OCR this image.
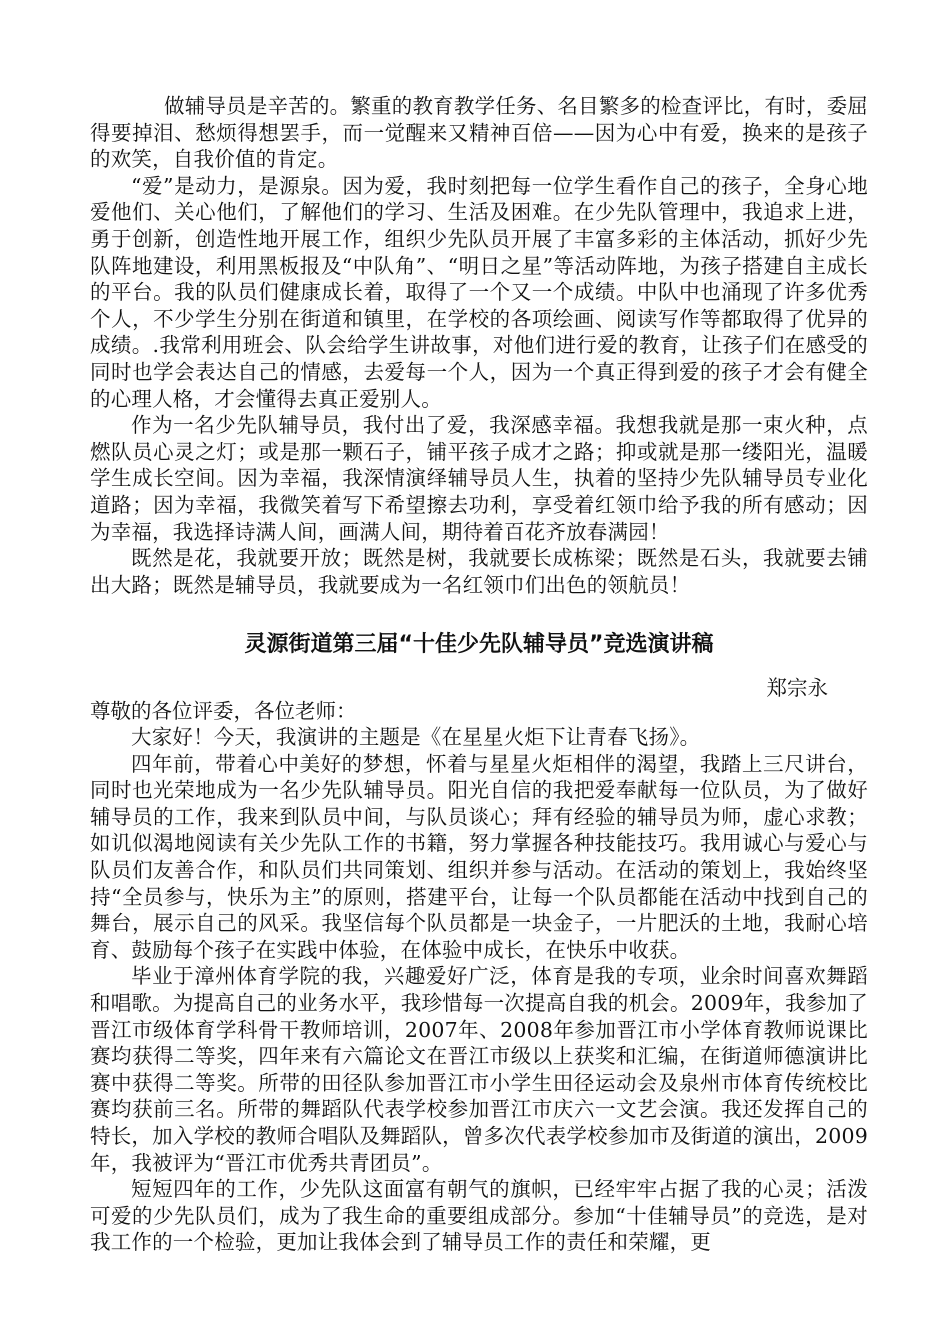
做辅导员是辛苦的。繁重的教育教学任务、名目繁多的检查评比，有时，委屈得要掉泪、愁烦得想罢手，而一觉醒来又精神百倍——因为心中有爱，换来的是孩子的欢笑，自我价值的肯定。

“爱”是动力，是源泉。因为爱，我时刻把每一位学生看作自己的孩子，全身心地爱他们、关心他们，了解他们的学习、生活及困难。在少先队管理中，我追求上进，勇于创新，创造性地开展工作，组织少先队员开展了丰富多彩的主体活动，抓好少先队阵地建设，利用黑板报及“中队角”、“明日之星”等活动阵地，为孩子搭建自主成长的平台。我的队员们健康成长着，取得了一个又一个成绩。中队中也涌现了许多优秀个人，不少学生分别在街道和镇里，在学校的各项绘画、阅读写作等都取得了优异的成绩。.我常利用班会、队会给学生讲故事，对他们进行爱的教育，让孩子们在感受的同时也学会表达自己的情感，去爱每一个人，因为一个真正得到爱的孩子才会有健全的心理人格，才会懂得去真正爱别人。

作为一名少先队辅导员，我付出了爱，我深感幸福。我想我就是那一束火种，点燃队员心灵之灯；或是那一颗石子，铺平孩子成才之路；抑或就是那一缕阳光，温暖学生成长空间。因为幸福，我深情演绎辅导员人生，执着的坚持少先队辅导员专业化道路；因为幸福，我微笑着写下希望擦去功利，享受着红领巾给予我的所有感动；因为幸福，我选择诗满人间，画满人间，期待着百花齐放春满园！

既然是花，我就要开放；既然是树，我就要长成栋梁；既然是石头，我就要去铺出大路；既然是辅导员，我就要成为一名红领巾们出色的领航员！

灵源街道第三届“十佳少先队辅导员”竞选演讲稿

郑宗永

尊敬的各位评委，各位老师：

大家好！今天，我演讲的主题是《在星星火炬下让青春飞扬》。

四年前，带着心中美好的梦想，怀着与星星火炬相伴的渴望，我踏上三尺讲台，同时也光荣地成为一名少先队辅导员。阳光自信的我把爱奉献每一位队员，为了做好辅导员的工作，我来到队员中间，与队员谈心；拜有经验的辅导员为师，虚心求教；如讥似渴地阅读有关少先队工作的书籍，努力掌握各种技能技巧。我用诚心与爱心与队员们友善合作，和队员们共同策划、组织并参与活动。在活动的策划上，我始终坚持“全员参与，快乐为主”的原则，搭建平台，让每一个队员都能在活动中找到自己的舞台，展示自己的风采。我坚信每个队员都是一块金子，一片肥沃的土地，我耐心培育、鼓励每个孩子在实践中体验，在体验中成长，在快乐中收获。

毕业于漳州体育学院的我，兴趣爱好广泛，体育是我的专项，业余时间喜欢舞蹈和唱歌。为提高自己的业务水平，我珍惜每一次提高自我的机会。2009年，我参加了晋江市级体育学科骨干教师培训，2007年、2008年参加晋江市小学体育教师说课比赛均获得二等奖，四年来有六篇论文在晋江市级以上获奖和汇编，在街道师德演讲比赛中获得二等奖。所带的田径队参加晋江市小学生田径运动会及泉州市体育传统校比赛均获前三名。所带的舞蹈队代表学校参加晋江市庆六一文艺会演。我还发挥自己的特长，加入学校的教师合唱队及舞蹈队，曾多次代表学校参加市及街道的演出，2009年，我被评为“晋江市优秀共青团员”。

短短四年的工作，少先队这面富有朝气的旗帜，已经牢牢占据了我的心灵；活泼可爱的少先队员们，成为了我生命的重要组成部分。参加“十佳辅导员”的竞选，是对我工作的一个检验，更加让我体会到了辅导员工作的责任和荣耀，更
